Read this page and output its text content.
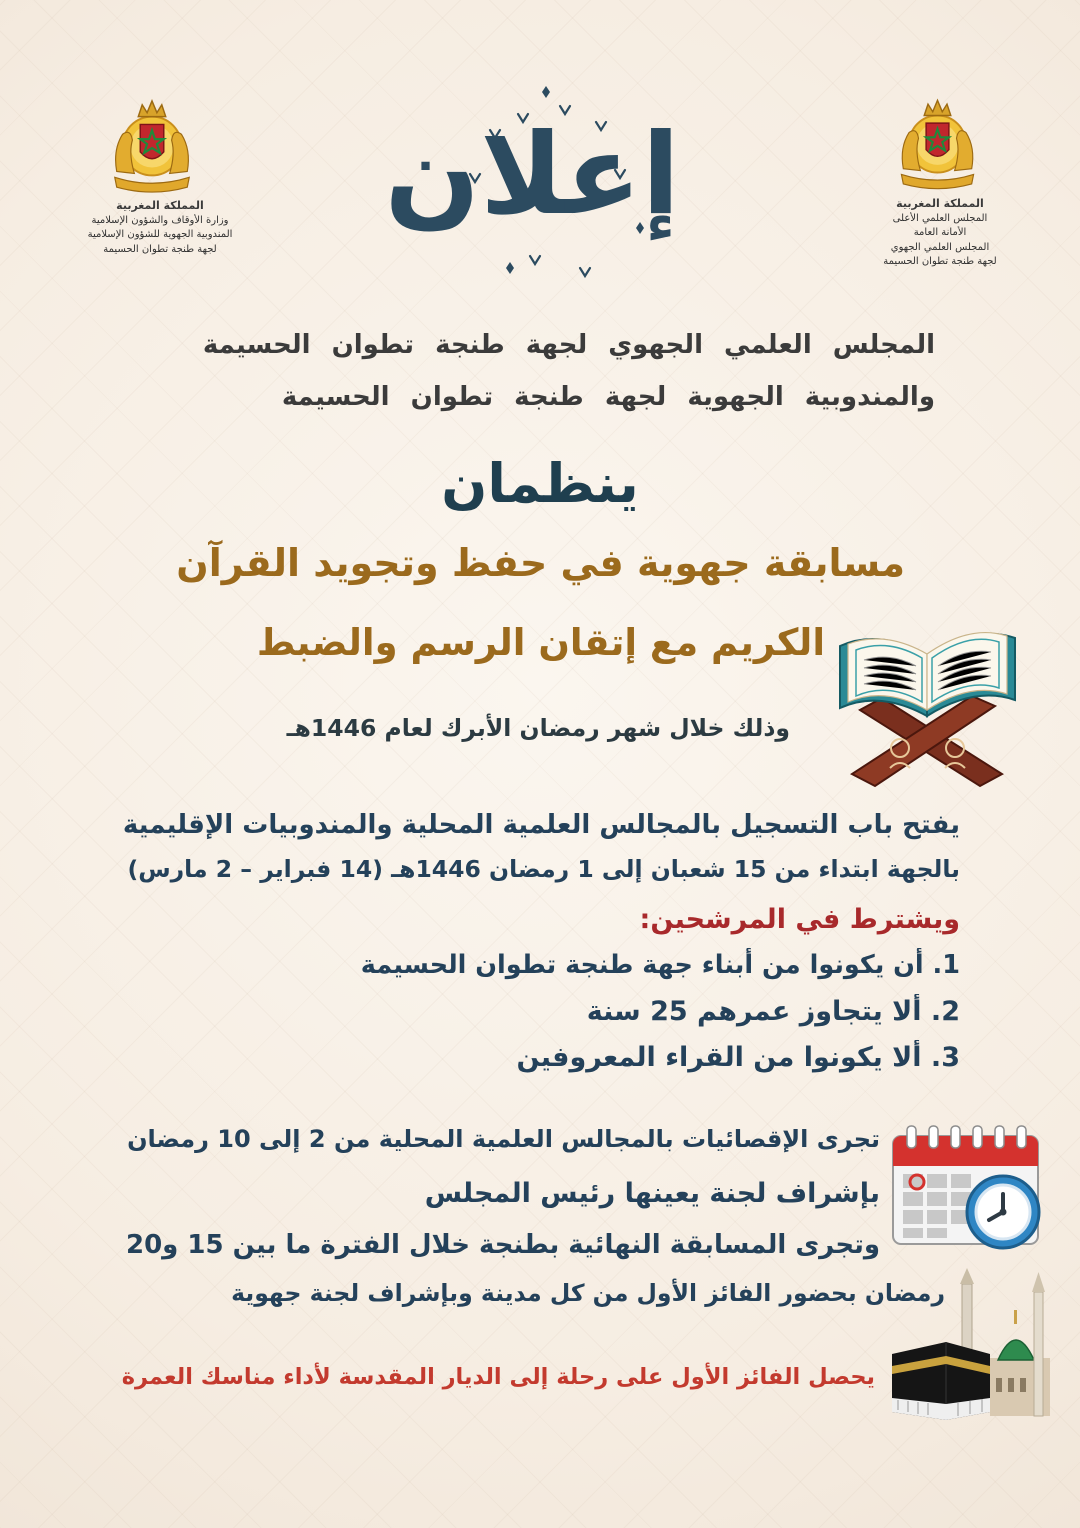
المملكة المغربية
وزارة الأوقاف والشؤون الإسلامية
المندوبية الجهوية للشؤون الإسلامية
لجهة طنجة تطوان الحسيمة
المملكة المغربية
المجلس العلمي الأعلى
الأمانة العامة
المجلس العلمي الجهوي
لجهة طنجة تطوان الحسيمة
إعلان
المجلس العلمي الجهوي لجهة طنجة تطوان الحسيمة
والمندوبية الجهوية لجهة طنجة تطوان الحسيمة
ينظمان
مسابقة جهوية في حفظ وتجويد القرآن
الكريم مع إتقان الرسم والضبط
وذلك خلال شهر رمضان الأبرك لعام 1446هـ
يفتح باب التسجيل بالمجالس العلمية المحلية والمندوبيات الإقليمية
بالجهة ابتداء من 15 شعبان إلى 1 رمضان 1446هـ (14 فبراير – 2 مارس)
ويشترط في المرشحين:
1. أن يكونوا من أبناء جهة طنجة تطوان الحسيمة
2. ألا يتجاوز عمرهم 25 سنة
3. ألا يكونوا من القراء المعروفين
تجرى الإقصائيات بالمجالس العلمية المحلية من 2 إلى 10 رمضان
بإشراف لجنة يعينها رئيس المجلس
وتجرى المسابقة النهائية بطنجة خلال الفترة ما بين 15 و20
رمضان بحضور الفائز الأول من كل مدينة وبإشراف لجنة جهوية
يحصل الفائز الأول على رحلة إلى الديار المقدسة لأداء مناسك العمرة
